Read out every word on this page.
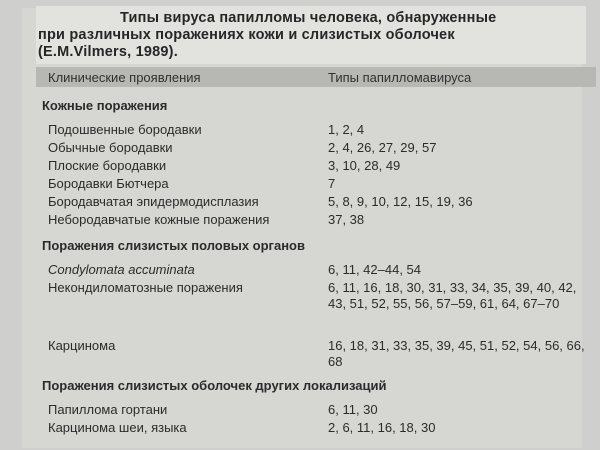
Типы вируса папилломы человека, обнаруженные
при различных поражениях кожи и слизистых оболочек
(E.M.Vilmers, 1989).
Клинические проявления	Типы папилломавируса
Кожные поражения
Подошвенные бородавки	1, 2, 4
Обычные бородавки	2, 4, 26, 27, 29, 57
Плоские бородавки	3, 10, 28, 49
Бородавки Бютчера	7
Бородавчатая эпидермодисплазия	5, 8, 9, 10, 12, 15, 19, 36
Небородавчатые кожные поражения	37, 38
Поражения слизистых половых органов
Condylomata accuminata	6, 11, 42–44, 54
Некондиломатозные поражения	6, 11, 16, 18, 30, 31, 33, 34, 35, 39, 40, 42, 43, 51, 52, 55, 56, 57–59, 61, 64, 67–70
Карцинома	16, 18, 31, 33, 35, 39, 45, 51, 52, 54, 56, 66, 68
Поражения слизистых оболочек других локализаций
Папиллома гортани	6, 11, 30
Карцинома шеи, языка	2, 6, 11, 16, 18, 30
